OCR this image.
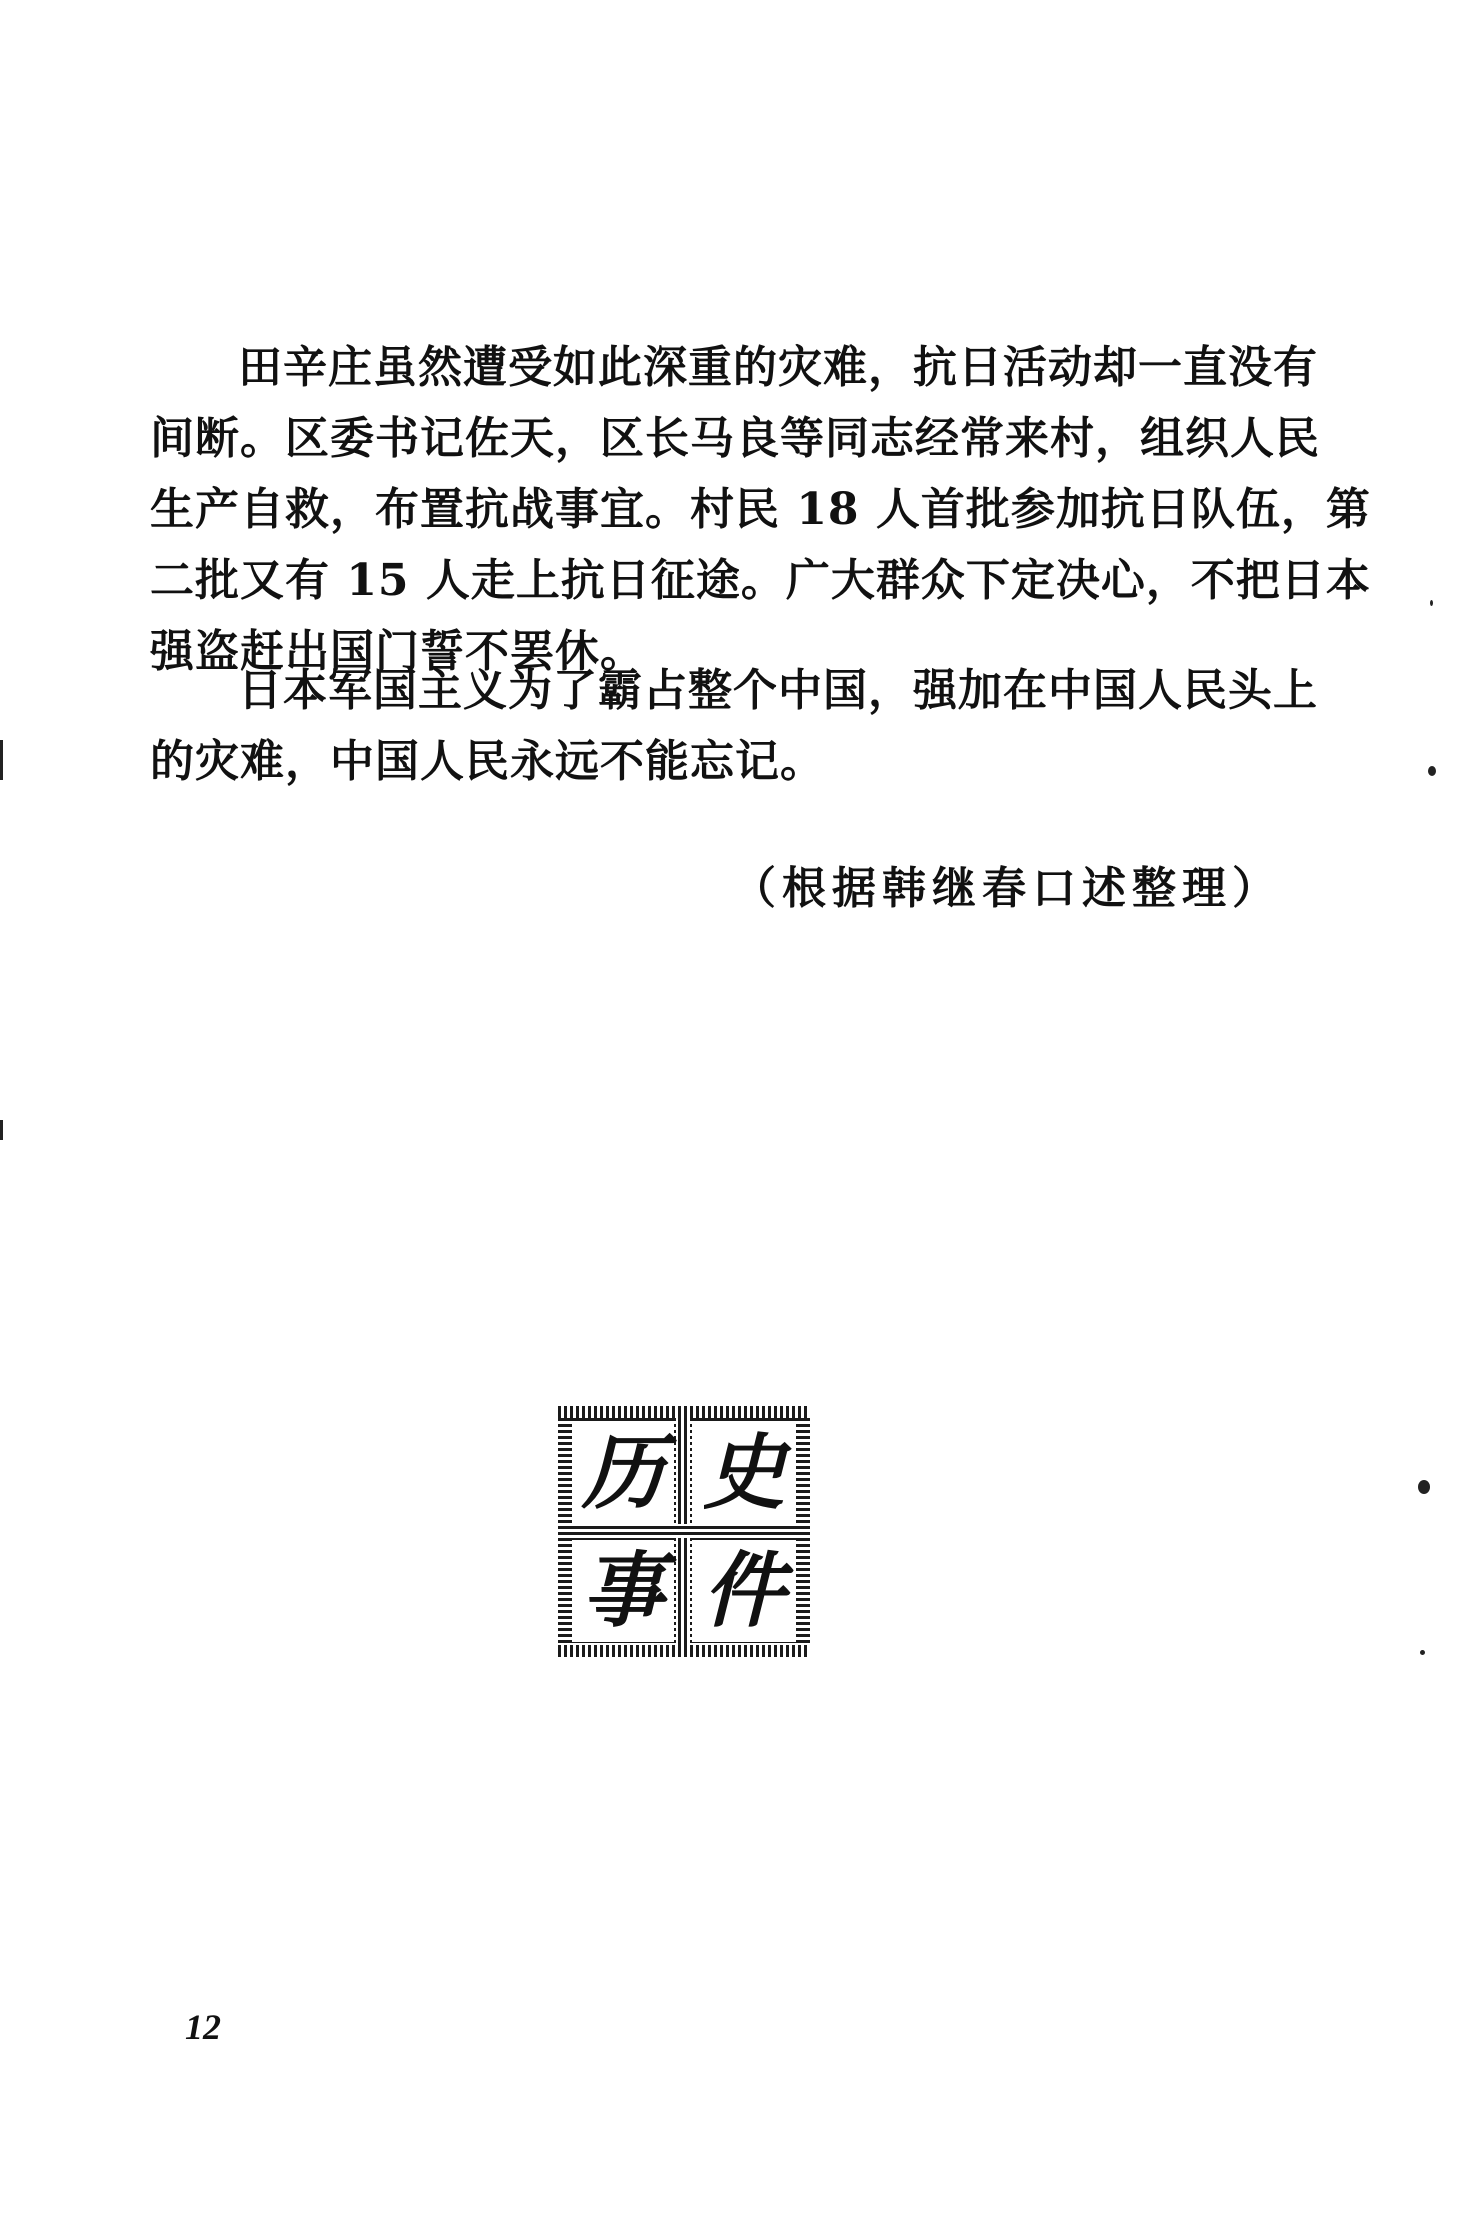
田辛庄虽然遭受如此深重的灾难，抗日活动却一直没有
间断。区委书记佐天，区长马良等同志经常来村，组织人民
生产自救，布置抗战事宜。村民 18 人首批参加抗日队伍，第
二批又有 15 人走上抗日征途。广大群众下定决心，不把日本
强盗赶出国门誓不罢休。
日本军国主义为了霸占整个中国，强加在中国人民头上
的灾难，中国人民永远不能忘记。
（根据韩继春口述整理）
历 史
事 件
12
